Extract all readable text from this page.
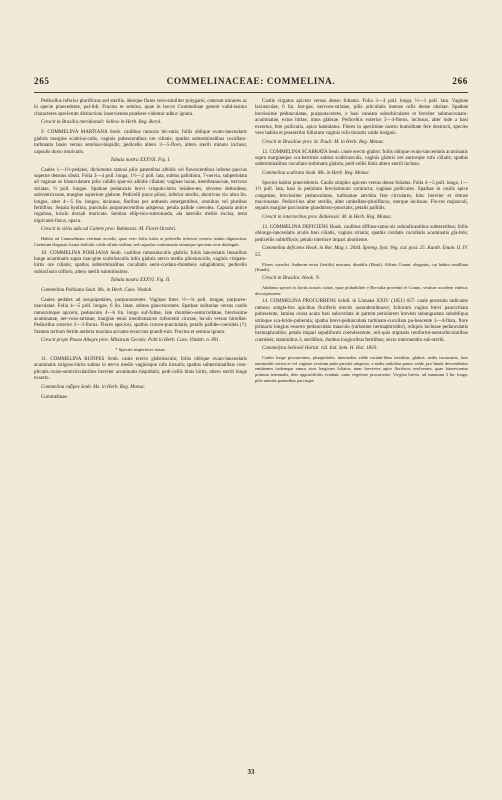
265	COMMELINACEAE: COMMELINA.	266

Pedicellus inferior pluriflorus sed sterilis, ideoque flores vero-similiter polygami, ceterum minores ac in specie praecedente, pal-lidi. Fructus et semina, quae in hocce Commelinae genere valid-issimo characteres specierum distinctioni inservientes praebere videntur adhuc ignota.

Crescit in Brasilia meridionali: Sellow in Herb. Reg. Berol.

9. COMMELINA MARTIANA Seub. caulibus ramosis hir-sutis; foliis oblique ovato-lanceolatis glabris margine scabrius-culis, vaginis pubescentibus ore ciliatis; spathis subterminalibus cucullato-turbinatis basin versus setuloso-hispidis; pedicello altero 3—5-floro, altero sterili minuto incluso; capsulis dorso muricatis.

Tabula nostra XXXVII. Fig. I.

Caules 1—1½-pedales, dichotome ramosi pilis patentibus albidis vel flavescentibus inferne parcius superne densius obsiti. Folia 3—4 poll. longa, 1½—2 poll. lata, subtus pallidiora, 7-nervia, subpetiolata ad vaginae os bisurculatum pilis validis spar-sis albidis ciliatae; vaginae laxae, membranaceae, nervoso striatae, ½ poll. longae. Spathae pedunculo brevi crispulo-hirto insiden-tes, obverse deltoideae, subventricosae, margine superiore glabrae. Pedicelli parce pilosi, inferior sterilis, abortivus vix ultra lin. longus, alter 4—5 lin. longus, incinuus, floribus per anthesin emergentibus, omnibus vel pluribus fertilibus. Sepala hyalina, punctulis purpurascentibus adspersa; petala pallide coerulea. Capsula antice rugulosa, loculo dorsali muricato. Semina ellip-tico-subrotunda, ala lateralis medio excisa, testa nigricanti-fusca, opaca.

Crescit in silvis udis ad Caitete prov. Bahiensis: M. Floret Octobri.

Habitu ad Commelinam vestitam accedit, quae vero foliis hirtis et pedicello inferiori exserto statim dignoscitur. Caeterum elegantis forma latifoliis valde affinis videtur, sed capsulae conformatio utramque speciem certe distinguit.

10. COMMELINA POHLIANA Seub. caulibus ramosiusculis glabris; foliis lanceolatis linearibus longe acuminatis supra mar-gine scabriusculis infra glabris nervo medio pilosiusculis, vaginis crispato-hirtis ore ciliatis; spathis subterminalibus cucullatis semi-cordato-rhombeis subglabratis; pedicello subinclusio trifloro, altero sterili submitissimo.

Tabula nostra XXXVI. Fig. II.

Commelina Pohliana Seub. Ms. in Herb. Caes. Vindob.

Caules pedales ad sesquipedales, purpurascentes. Vaginae Inter. ½—¾ poll. longae, purpureo-maculatae. Folia 4—5 poll. longae, 6 lin. latae, subtus glaucescentes. Spathae solitariae versus caulis ramorumque apicem, pedunculo 4—6 lin. longo suf-fultae, late rhombeo-semicordatae, brevissime acuminatae, ner-voso-striatae, margine tenui membranaceo rufescenti cinctae, ba-sin versus hirtellae. Pedicellus exterior 2—3-florus. Flores speciosi, spathis croceo-punctulatis, petalis pallide-coeruleis (?). Stamen tertium fertile anthera maxima arcuato-recurvata praedi-tum. Fructus et semina ignota.

Crescit prope Pouso Allegre prov. Minarum Geraës: Pohl in Herb. Caes. Vindob. n. 891.

* Species imperfecte notae.

11. COMMELINA RUFIPES Seub. caule erecto glabriusculo; foliis oblique ovato-lanceolatis acuminatis strigoso-hirtis subtus in nervo medio vaginisque rufo hirsutis; spathis subterminalibus com-plicatis ovato-semicircularibus breviter acuminatis hispidulis; pedi-cellis binis hirtis, altero sterili longe exserto.

Commelina rufipes Seub. Ms. in Herb. Reg. Monac.

Commelinae.

Caulis virgatus apicem versus denso foliatus. Folia 3—4 poll. longa, ½—1 poll. lata. Vaginae laxiusculae, 6 lin. lon-gae, nervoso-striatae, pilis articulatis intense rufis dense obsitae. Spathae brevissime pedunculatae, purpurascentes, e basi cuneata suborbiculares et breviter submucronato-acuminatae, extus hirtae, intus glabrae. Pedicellus exterior 3—4-florus, inclusus, alter inde a basi exsertus, fere pollicaris, apice hamulatus. Flores in specimine nostro humiditate fere destructi, species vero habitu et praesertim foliorum vaginis rufo-hirsutis valde insignis.

Crescit in Brasiliae prov. St. Pauli: M. in Herb. Reg. Monac.

12. COMMELINA SCABRATA Seub. caule erecto glabro; foliis oblique ovato-lanceolatis acuminatis supra margineque sca-berrimis subtus scabriusculis, vaginis glabris ore anticeque rufo ciliatis; spathis subterminalibus cucullato-turbinatis glabris; pedi-cellis binis altero sterili incluso.

Commelina scabrata Seub. Ms. in Herb. Reg. Monac.

Species habitu praecedentis. Caulis simplex apicem versus dense foliatus. Folia 4—5 poll. longa, 1—1½ poll. lata, basi in petiolum brevissimum contracta; vaginae pollicares. Spathae in caulis apice congestae, brevissime pedunculatae, turbinatae am-bitu fere circulares, hinc breviter et obtuse mucronatae. Pedicel-lus alter sterilis, alter umbellato-pluriflorus, uterque inclusus. Flo-res majusculi, sepalis margine parcissime glanduloso-punctatis, petalis pallidis.

Crescit in interioribus prov. Bahiensis: M. in Herb. Reg. Monac.

13. COMMELINA DEFICIENS Hook. caulibus diffuso-ramo-sis subradicantibus subteretibus; foliis oblongo-lanceolatis acutis basi ciliatis, vaginis striatis; spathis cordatis cucullatis acuminatis gla-bris; pedicellis subtrifloris; petalo interiore impari abortiente.

Commelina deficiens Hook. in Bot. Mag. t. 2644. Spreng. Syst. Veg. cur. post. 25. Kunth. Enum. II. IV. 55.

Flores coerulei. Antherae tertia (fertilis) maxima, dimidiis (Hook). Affinis Comm. elegantis, cui habitu simillima (Kunth).

Crescit in Brasilia: Hook. ¾

Addimus speciei in hortis nostris cultae, quae probabiliter e Bra-silia proveniit et Comm. vestitae accedere videtur, descriptionem:

14. COMMELINA PROCURRENS Schdl. in Linnaea XXIV. (1851) 657. caule prostrato radicante ramoso subgla-bro apicibus floriferis erectis ascendentibusve; foliorum vagina brevi pauciciliata pubescente, lamina ovata acuta basi subcordata in partem petiolarem brevem subangustata subobliqua utrinque sca-brido-puberula; spatha brevi-pedunculata turbinato-cucullata pu-bescente 3—4-flora, flore primario longius exserto pedunculato masculo (rarissime hermaphrodito), reliquis inclusae pedunculatis hermaphroditis; petalo impari sepaliformi coerulescente, reli-quis stipitatis reniformi-semiorbicularibus coeruleis; staminibus 3, sterilibus, duobus longioribus fertilibus, sexto intermendio sub-sterili.

Commelyna Sellowii Hortul. vid. Ind. Sem. H. Hal. 1850.

Caules longe procurrentes, pluripedales, internodiis valde variabi-libus teretibus, glabris, nodis incrassatis, laxe internodiis versus et vel vaginae exortum pube parvula adsperso, e nodis radicibus pauce valde, pro-funde descendentes emittentes iisdemque ramos suos longiores foliatos, nunc brevieres apice floriferos evolventes, quae laterescentur primum terminalis, deis oppositifoliis evadunt, ramo vegetiore procurrente. Va-gina brevis, ad summum 3 lin. longa, pilis minutis patentibus parcisque

33
